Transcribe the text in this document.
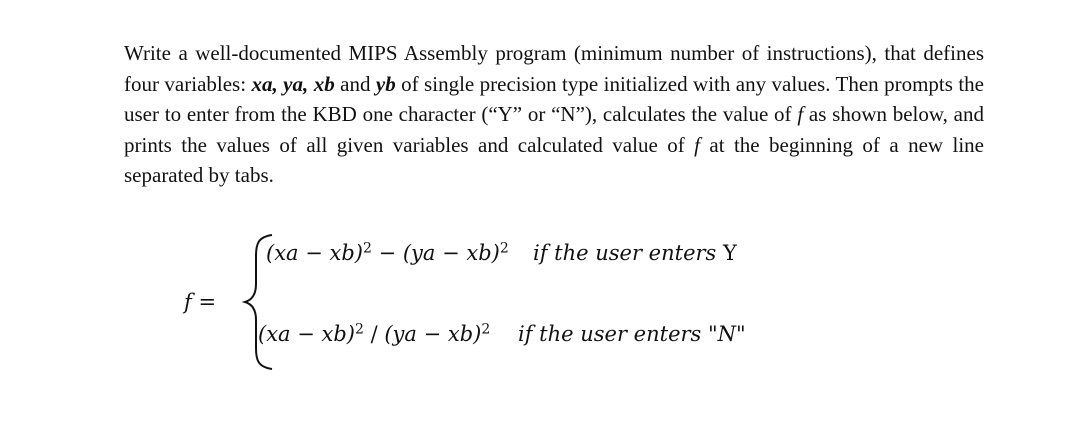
Write a well-documented MIPS Assembly program (minimum number of instructions), that defines four variables: xa, ya, xb and yb of single precision type initialized with any values. Then prompts the user to enter from the KBD one character (“Y” or “N”), calculates the value of f as shown below, and prints the values of all given variables and calculated value of f at the beginning of a new line separated by tabs.
f =
(xa − xb)$^2$ − (ya − xb)$^2$ if the user enters Y
(xa − xb)$^2$ / (ya − xb)$^2$ if the user enters "N"
